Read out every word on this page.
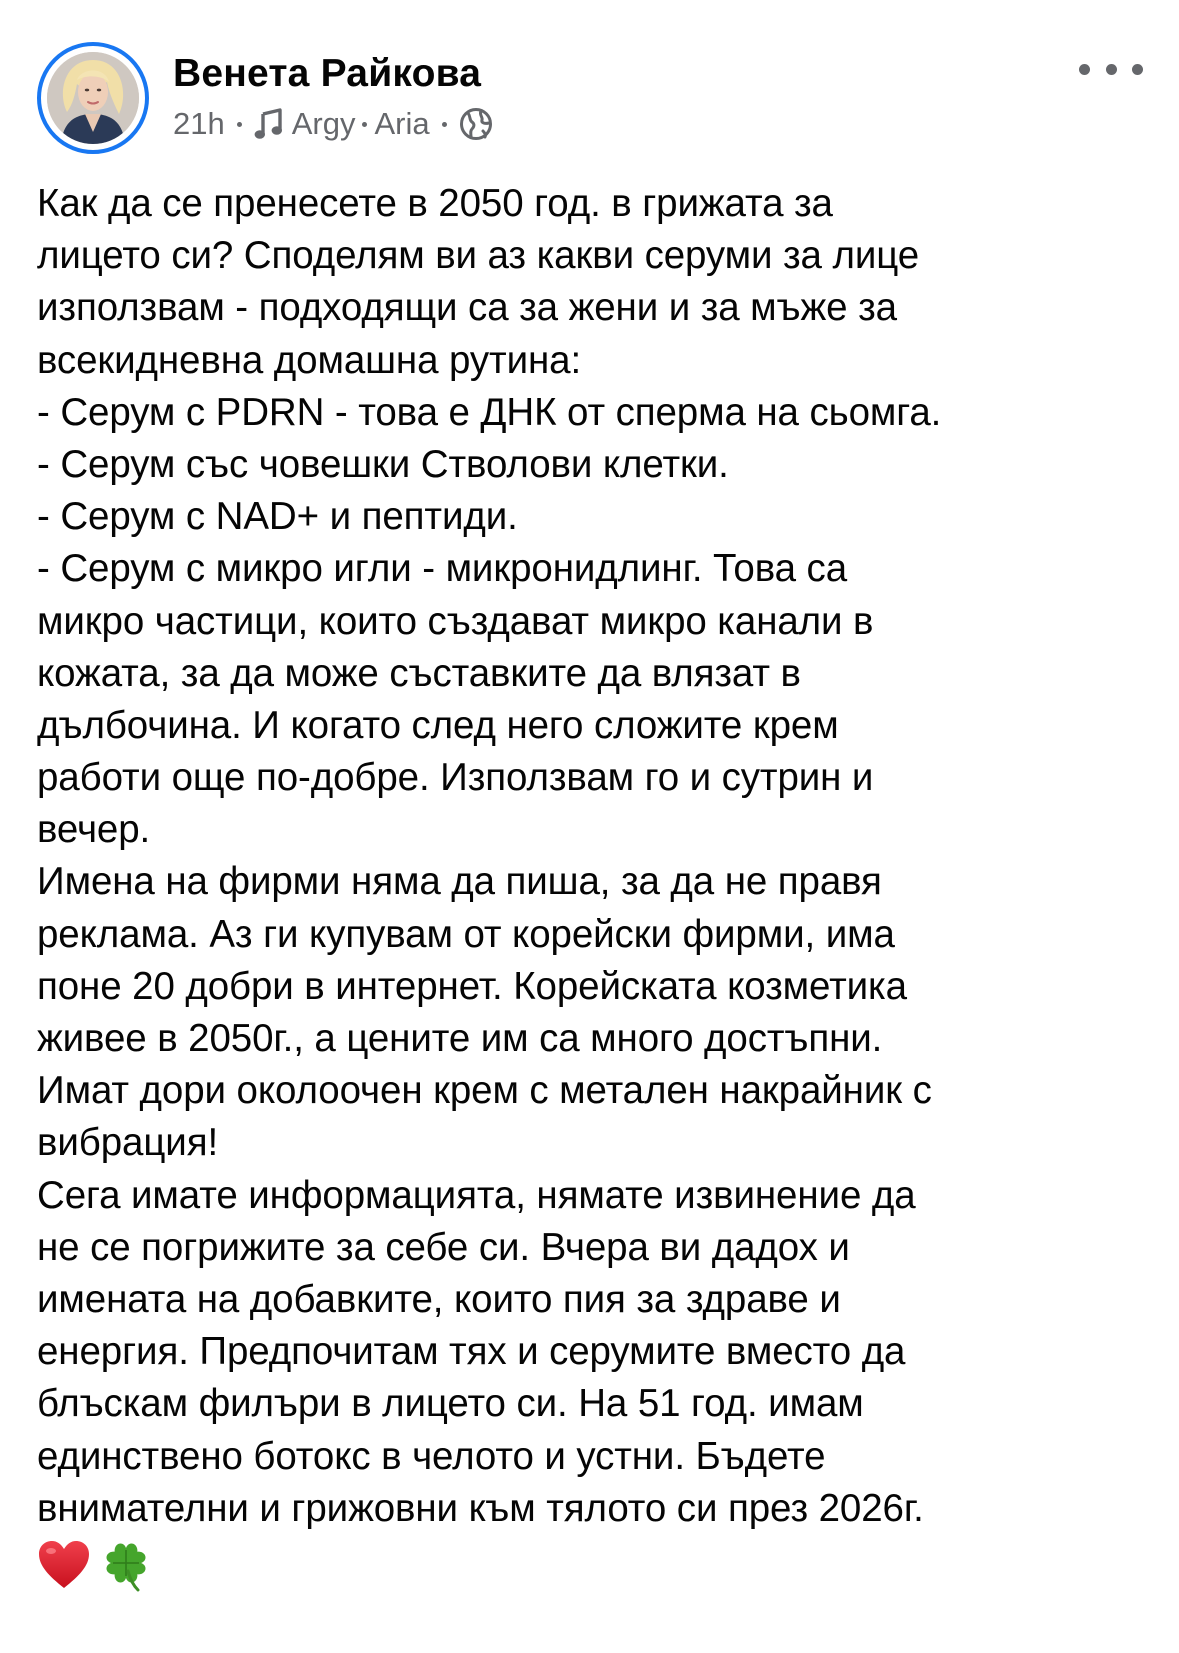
Венета Райкова
21h Argy Aria
Как да се пренесете в 2050 год. в грижата за
лицето си? Споделям ви аз какви серуми за лице
използвам - подходящи са за жени и за мъже за
всекидневна домашна рутина:
- Серум с PDRN - това е ДНК от сперма на сьомга.
- Серум със човешки Стволови клетки.
- Серум с NAD+ и пептиди.
- Серум с микро игли - микронидлинг. Това са
микро частици, които създават микро канали в
кожата, за да може съставките да влязат в
дълбочина. И когато след него сложите крем
работи още по-добре. Използвам го и сутрин и
вечер.
Имена на фирми няма да пиша, за да не правя
реклама. Аз ги купувам от корейски фирми, има
поне 20 добри в интернет. Корейската козметика
живее в 2050г., а цените им са много достъпни.
Имат дори околоочен крем с метален накрайник с
вибрация!
Сега имате информацията, нямате извинение да
не се погрижите за себе си. Вчера ви дадох и
имената на добавките, които пия за здраве и
енергия. Предпочитам тях и серумите вместо да
блъскам филъри в лицето си. На 51 год. имам
единствено ботокс в челото и устни. Бъдете
внимателни и грижовни към тялото си през 2026г.
